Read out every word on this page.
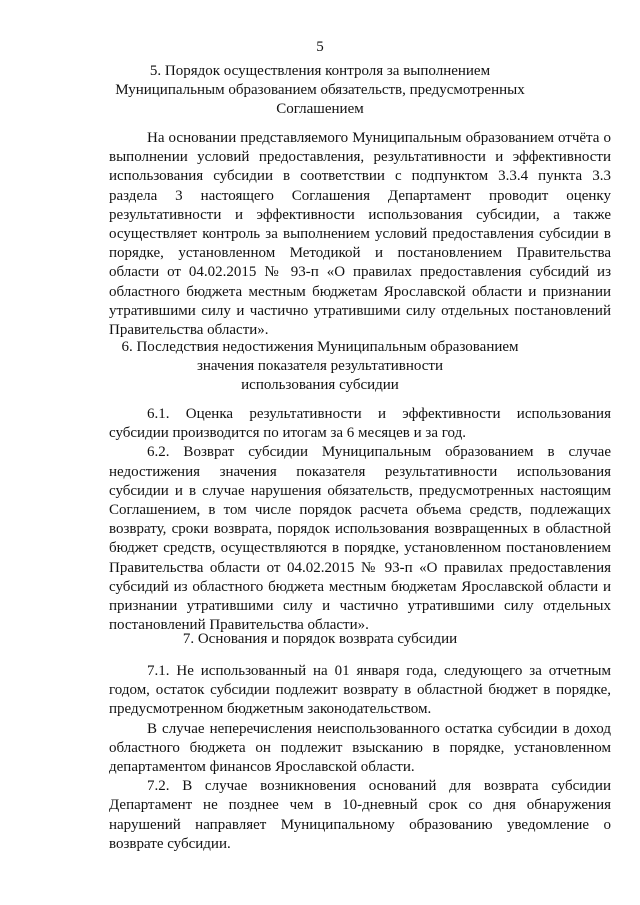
5
5. Порядок осуществления контроля за выполнением
Муниципальным образованием обязательств, предусмотренных
Соглашением

На основании представляемого Муниципальным образованием отчёта о выполнении условий предоставления, результативности и эффективности использования субсидии в соответствии с подпунктом 3.3.4 пункта 3.3 раздела 3 настоящего Соглашения Департамент проводит оценку результативности и эффективности использования субсидии, а также осуществляет контроль за выполнением условий предоставления субсидии в порядке, установленном Методикой и постановлением Правительства области от 04.02.2015 № 93-п «О правилах предоставления субсидий из областного бюджета местным бюджетам Ярославской области и признании утратившими силу и частично утратившими силу отдельных постановлений Правительства области».

6. Последствия недостижения Муниципальным образованием
значения показателя результативности
использования субсидии

6.1. Оценка результативности и эффективности использования субсидии производится по итогам за 6 месяцев и за год.

6.2. Возврат субсидии Муниципальным образованием в случае недостижения значения показателя результативности использования субсидии и в случае нарушения обязательств, предусмотренных настоящим Соглашением, в том числе порядок расчета объема средств, подлежащих возврату, сроки возврата, порядок использования возвращенных в областной бюджет средств, осуществляются в порядке, установленном постановлением Правительства области от 04.02.2015 № 93-п «О правилах предоставления субсидий из областного бюджета местным бюджетам Ярославской области и признании утратившими силу и частично утратившими силу отдельных постановлений Правительства области».

7. Основания и порядок возврата субсидии

7.1. Не использованный на 01 января года, следующего за отчетным годом, остаток субсидии подлежит возврату в областной бюджет в порядке, предусмотренном бюджетным законодательством.

В случае неперечисления неиспользованного остатка субсидии в доход областного бюджета он подлежит взысканию в порядке, установленном департаментом финансов Ярославской области.

7.2. В случае возникновения оснований для возврата субсидии Департамент не позднее чем в 10-дневный срок со дня обнаружения нарушений направляет Муниципальному образованию уведомление о возврате субсидии.
